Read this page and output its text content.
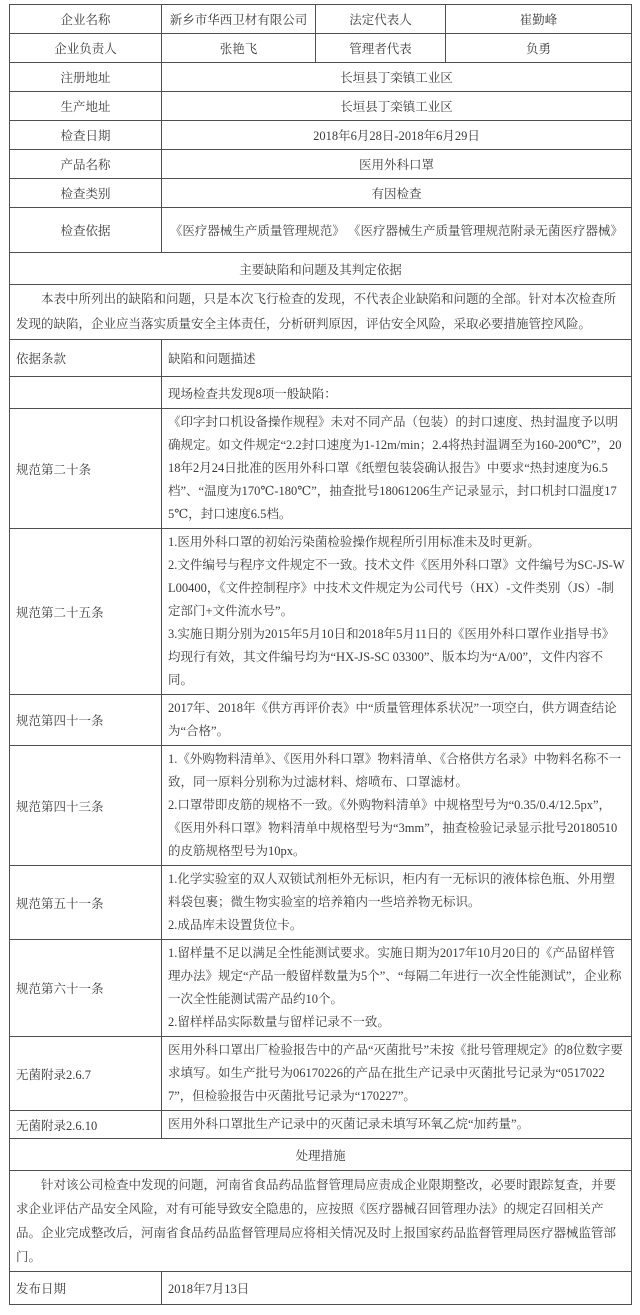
企业名称	新乡市华西卫材有限公司	法定代表人	崔勤峰
企业负责人	张艳飞	管理者代表	负勇
注册地址	长垣县丁栾镇工业区		
生产地址	长垣县丁栾镇工业区		
检查日期	2018年6月28日-2018年6月29日		
产品名称	医用外科口罩		
检查类别	有因检查		
检查依据	《医疗器械生产质量管理规范》 《医疗器械生产质量管理规范附录无菌医疗器械》		
主要缺陷和问题及其判定依据			

本表中所列出的缺陷和问题，只是本次飞行检查的发现，不代表企业缺陷和问题的全部。针对本次检查所发现的缺陷，企业应当落实质量安全主体责任，分析研判原因，评估安全风险，采取必要措施管控风险。			

依据条款	缺陷和问题描述		
	现场检查共发现8项一般缺陷：		
规范第二十条	《印字封口机设备操作规程》未对不同产品（包装）的封口速度、热封温度予以明确规定。如文件规定“2.2封口速度为1-12m/min；2.4将热封温调至为160-200℃”，2018年2月24日批准的医用外科口罩《纸塑包装袋确认报告》中要求“热封速度为6.5档”、“温度为170℃-180℃”，抽查批号18061206生产记录显示，封口机封口温度175℃，封口速度6.5档。		

规范第二十五条	1.医用外科口罩的初始污染菌检验操作规程所引用标准未及时更新。

2.文件编号与程序文件规定不一致。技术文件《医用外科口罩》文件编号为SC-JS-WL00400，《文件控制程序》中技术文件规定为公司代号（HX）-文件类别（JS）-制定部门+文件流水号”。

3.实施日期分别为2015年5月10日和2018年5月11日的《医用外科口罩作业指导书》均现行有效，其文件编号均为“HX-JS-SC 03300”、版本均为“A/00”，文件内容不同。		

规范第四十一条	2017年、2018年《供方再评价表》中“质量管理体系状况”一项空白，供方调查结论为“合格”。		

规范第四十三条	1.《外购物料清单》、《医用外科口罩》物料清单、《合格供方名录》中物料名称不一致，同一原料分别称为过滤材料、熔喷布、口罩滤材。

2.口罩带即皮筋的规格不一致。《外购物料清单》中规格型号为“0.35/0.4/12.5px”，《医用外科口罩》物料清单中规格型号为“3mm”，抽查检验记录显示批号20180510的皮筋规格型号为10px。		

规范第五十一条	1.化学实验室的双人双锁试剂柜外无标识，柜内有一无标识的液体棕色瓶、外用塑料袋包裹；微生物实验室的培养箱内一些培养物无标识。

2.成品库未设置货位卡。		

规范第六十一条	1.留样量不足以满足全性能测试要求。实施日期为2017年10月20日的《产品留样管理办法》规定“产品一般留样数量为5个”、“每隔二年进行一次全性能测试”，企业称一次全性能测试需产品约10个。

2.留样样品实际数量与留样记录不一致。		

无菌附录2.6.7	医用外科口罩出厂检验报告中的产品“灭菌批号”未按《批号管理规定》的8位数字要求填写。如生产批号为06170226的产品在批生产记录中灭菌批号记录为“05170227”，但检验报告中灭菌批号记录为“170227”。		

无菌附录2.6.10	医用外科口罩批生产记录中的灭菌记录未填写环氧乙烷“加药量”。		

处理措施			

针对该公司检查中发现的问题，河南省食品药品监督管理局应责成企业限期整改，必要时跟踪复查，并要求企业评估产品安全风险，对有可能导致安全隐患的，应按照《医疗器械召回管理办法》的规定召回相关产品。企业完成整改后，河南省食品药品监督管理局应将相关情况及时上报国家药品监督管理局医疗器械监管部门。			

发布日期	2018年7月13日		
